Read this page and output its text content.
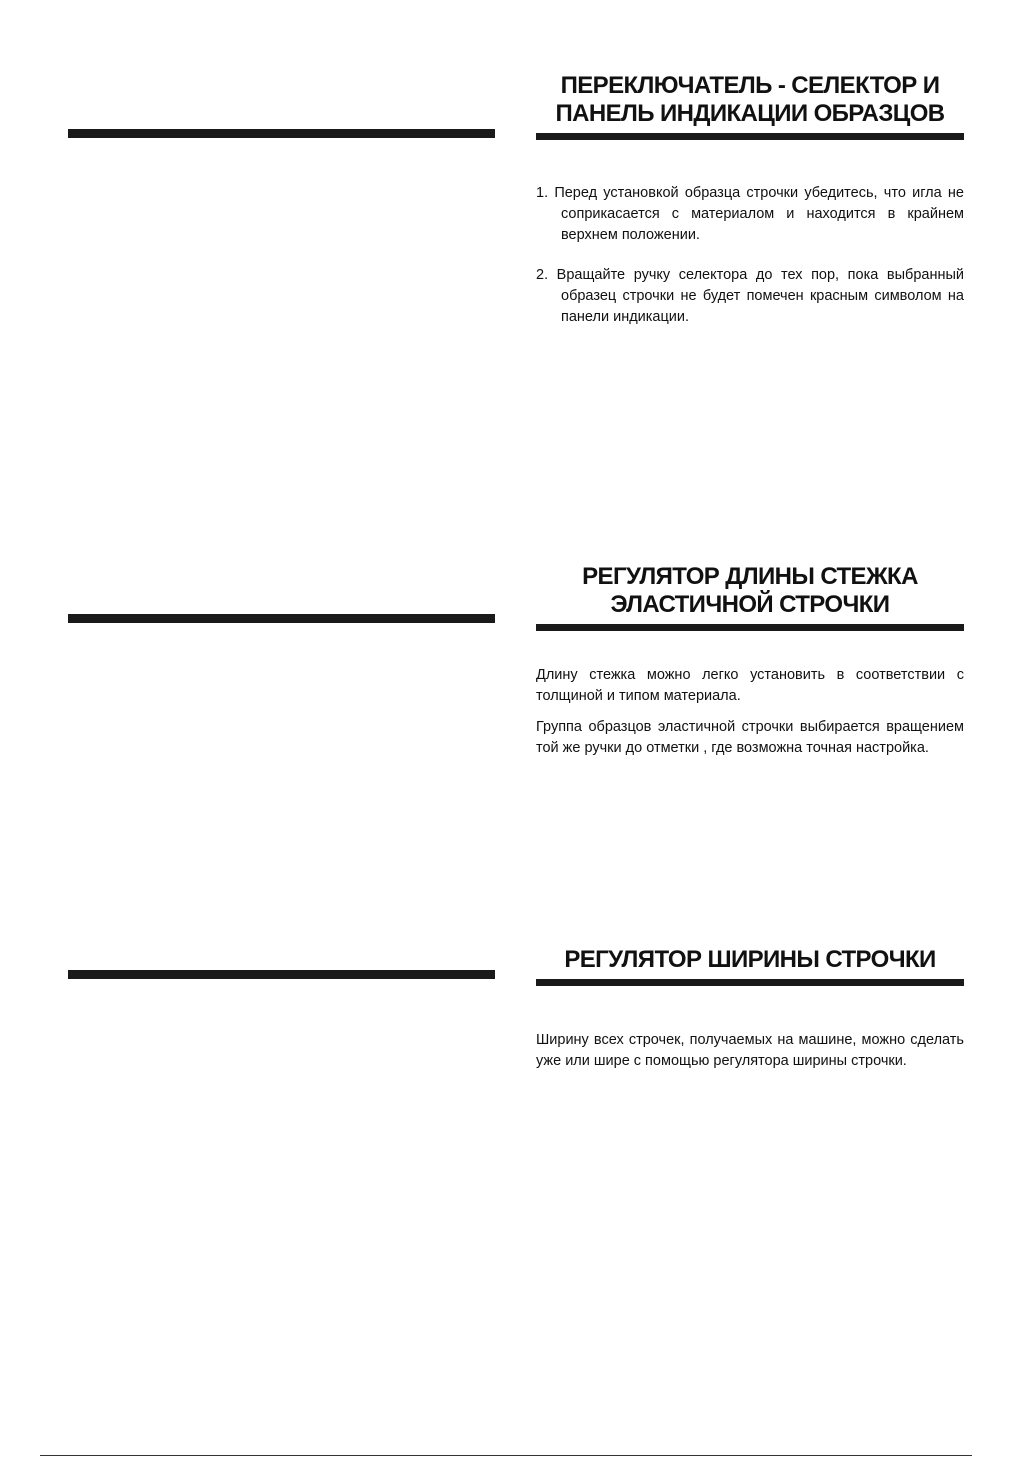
ПЕРЕКЛЮЧАТЕЛЬ - СЕЛЕКТОР И
ПАНЕЛЬ ИНДИКАЦИИ ОБРАЗЦОВ

1. Перед установкой образца строчки убедитесь, что игла не соприкасается с материалом и находится в крайнем верхнем положении.

2. Вращайте ручку селектора до тех пор, пока выбранный образец строчки не будет помечен красным символом на панели индикации.

РЕГУЛЯТОР ДЛИНЫ СТЕЖКА
ЭЛАСТИЧНОЙ СТРОЧКИ

Длину стежка можно легко установить в соответствии с толщиной и типом материала.

Группа образцов эластичной строчки выбирается вращением той же ручки до отметки , где возможна точная настройка.

РЕГУЛЯТОР ШИРИНЫ СТРОЧКИ

Ширину всех строчек, получаемых на машине, можно сделать уже или шире с помощью регулятора ширины строчки.
